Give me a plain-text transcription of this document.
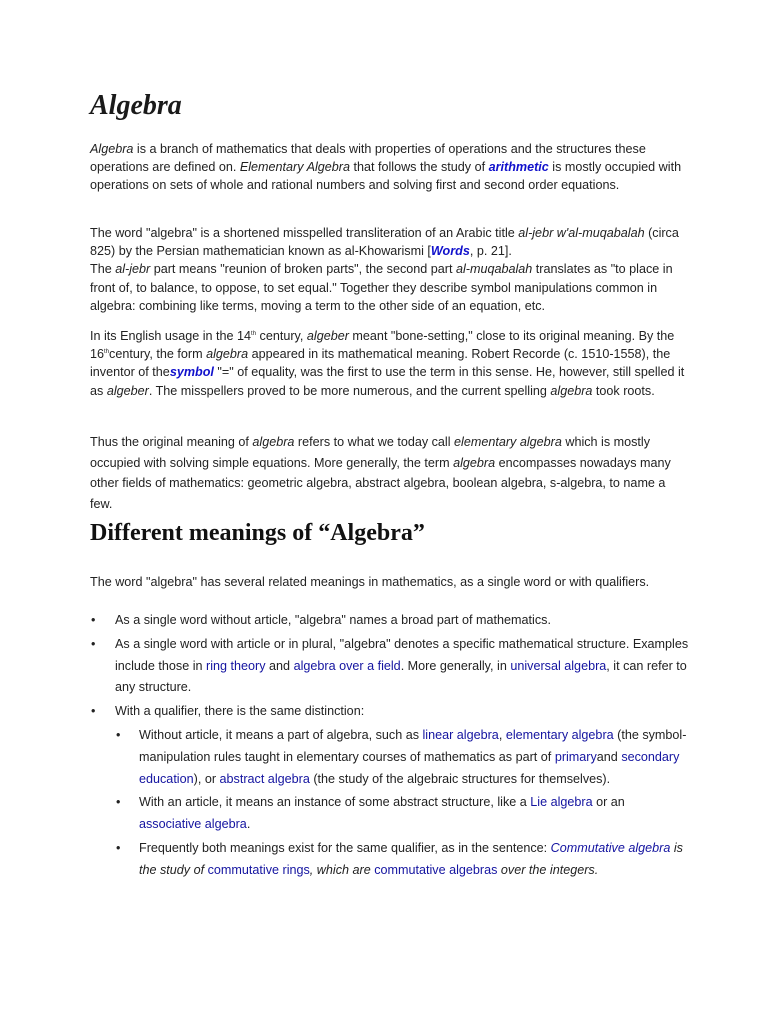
Algebra

Algebra is a branch of mathematics that deals with properties of operations and the structures these operations are defined on. Elementary Algebra that follows the study of arithmetic is mostly occupied with operations on sets of whole and rational numbers and solving first and second order equations.

The word "algebra" is a shortened misspelled transliteration of an Arabic title al-jebr w'al-muqabalah (circa 825) by the Persian mathematician known as al-Khowarismi [Words, p. 21].
The al-jebr part means "reunion of broken parts", the second part al-muqabalah translates as "to place in front of, to balance, to oppose, to set equal." Together they describe symbol manipulations common in algebra: combining like terms, moving a term to the other side of an equation, etc.

In its English usage in the 14th century, algeber meant "bone-setting," close to its original meaning. By the 16thcentury, the form algebra appeared in its mathematical meaning. Robert Recorde (c. 1510-1558), the inventor of thesymbol "=" of equality, was the first to use the term in this sense. He, however, still spelled it as algeber. The misspellers proved to be more numerous, and the current spelling algebra took roots.

Thus the original meaning of algebra refers to what we today call elementary algebra which is mostly occupied with solving simple equations. More generally, the term algebra encompasses nowadays many other fields of mathematics: geometric algebra, abstract algebra, boolean algebra, s-algebra, to name a few.

Different meanings of “Algebra”

The word "algebra" has several related meanings in mathematics, as a single word or with qualifiers.

• As a single word without article, "algebra" names a broad part of mathematics.
• As a single word with article or in plural, "algebra" denotes a specific mathematical structure. Examples include those in ring theory and algebra over a field. More generally, in universal algebra, it can refer to any structure.
• With a qualifier, there is the same distinction:
• Without article, it means a part of algebra, such as linear algebra, elementary algebra (the symbol-manipulation rules taught in elementary courses of mathematics as part of primaryand secondary education), or abstract algebra (the study of the algebraic structures for themselves).
• With an article, it means an instance of some abstract structure, like a Lie algebra or an associative algebra.
• Frequently both meanings exist for the same qualifier, as in the sentence: Commutative algebra is the study of commutative rings, which are commutative algebras over the integers.
